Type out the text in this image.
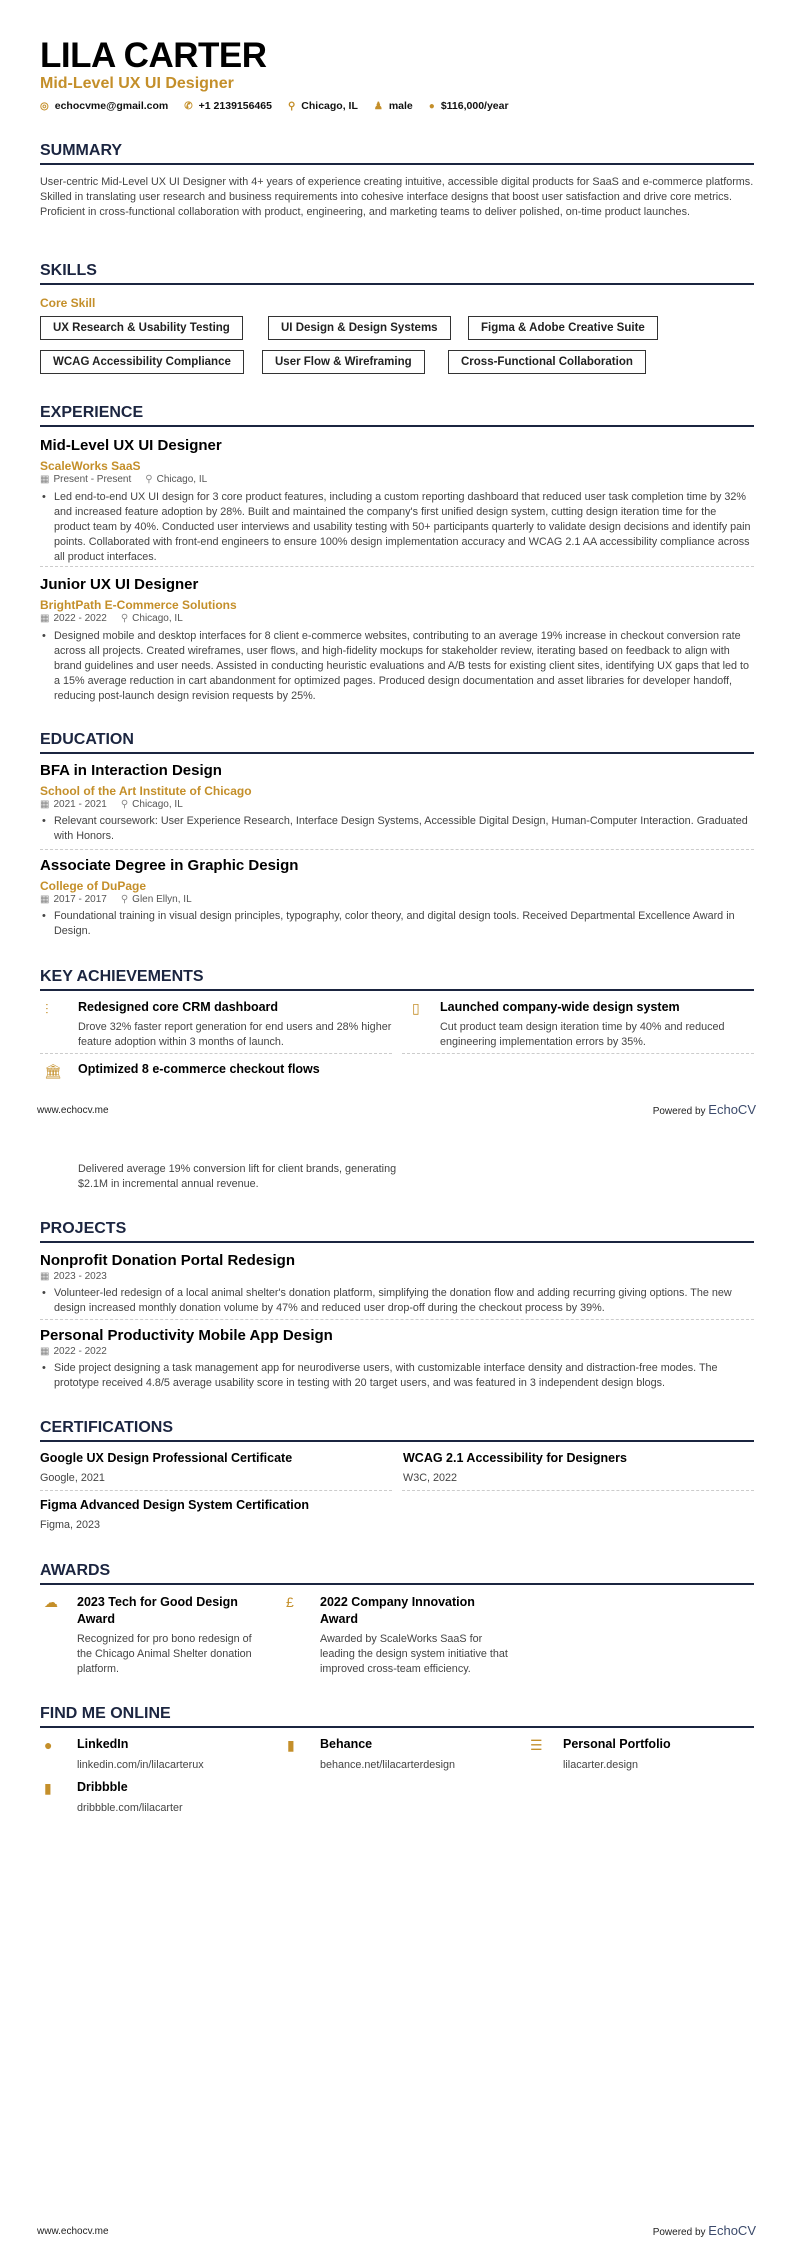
LILA CARTER
Mid-Level UX UI Designer
◎ echocvme@gmail.com ✆ +1 2139156465 ⚲ Chicago, IL ♟ male ● $116,000/year
SUMMARY
User-centric Mid-Level UX UI Designer with 4+ years of experience creating intuitive, accessible digital products for SaaS and e-commerce platforms. Skilled in translating user research and business requirements into cohesive interface designs that boost user satisfaction and drive core metrics. Proficient in cross-functional collaboration with product, engineering, and marketing teams to deliver polished, on-time product launches.
SKILLS
Core Skill
UX Research & Usability Testing	UI Design & Design Systems	Figma & Adobe Creative Suite
WCAG Accessibility Compliance	User Flow & Wireframing	Cross-Functional Collaboration
EXPERIENCE
Mid-Level UX UI Designer
ScaleWorks SaaS
▦ Present - Present ⚲ Chicago, IL
• Led end-to-end UX UI design for 3 core product features, including a custom reporting dashboard that reduced user task completion time by 32% and increased feature adoption by 28%. Built and maintained the company's first unified design system, cutting design iteration time for the product team by 40%. Conducted user interviews and usability testing with 50+ participants quarterly to validate design decisions and identify pain points. Collaborated with front-end engineers to ensure 100% design implementation accuracy and WCAG 2.1 AA accessibility compliance across all product interfaces.
Junior UX UI Designer
BrightPath E-Commerce Solutions
▦ 2022 - 2022 ⚲ Chicago, IL
• Designed mobile and desktop interfaces for 8 client e-commerce websites, contributing to an average 19% increase in checkout conversion rate across all projects. Created wireframes, user flows, and high-fidelity mockups for stakeholder review, iterating based on feedback to align with brand guidelines and user needs. Assisted in conducting heuristic evaluations and A/B tests for existing client sites, identifying UX gaps that led to a 15% average reduction in cart abandonment for optimized pages. Produced design documentation and asset libraries for developer handoff, reducing post-launch design revision requests by 25%.
EDUCATION
BFA in Interaction Design
School of the Art Institute of Chicago
▦ 2021 - 2021 ⚲ Chicago, IL
• Relevant coursework: User Experience Research, Interface Design Systems, Accessible Digital Design, Human-Computer Interaction. Graduated with Honors.
Associate Degree in Graphic Design
College of DuPage
▦ 2017 - 2017 ⚲ Glen Ellyn, IL
• Foundational training in visual design principles, typography, color theory, and digital design tools. Received Departmental Excellence Award in Design.
KEY ACHIEVEMENTS
⫶ Redesigned core CRM dashboard
Drove 32% faster report generation for end users and 28% higher feature adoption within 3 months of launch.
▯ Launched company-wide design system
Cut product team design iteration time by 40% and reduced engineering implementation errors by 35%.
🏛 Optimized 8 e-commerce checkout flows
www.echocv.me	Powered by EchoCV
Delivered average 19% conversion lift for client brands, generating $2.1M in incremental annual revenue.
PROJECTS
Nonprofit Donation Portal Redesign
▦ 2023 - 2023
• Volunteer-led redesign of a local animal shelter's donation platform, simplifying the donation flow and adding recurring giving options. The new design increased monthly donation volume by 47% and reduced user drop-off during the checkout process by 39%.
Personal Productivity Mobile App Design
▦ 2022 - 2022
• Side project designing a task management app for neurodiverse users, with customizable interface density and distraction-free modes. The prototype received 4.8/5 average usability score in testing with 20 target users, and was featured in 3 independent design blogs.
CERTIFICATIONS
Google UX Design Professional Certificate
Google, 2021
WCAG 2.1 Accessibility for Designers
W3C, 2022
Figma Advanced Design System Certification
Figma, 2023
AWARDS
☁ 2023 Tech for Good Design Award
Recognized for pro bono redesign of the Chicago Animal Shelter donation platform.
£ 2022 Company Innovation Award
Awarded by ScaleWorks SaaS for leading the design system initiative that improved cross-team efficiency.
FIND ME ONLINE
● LinkedIn
linkedin.com/in/lilacarterux
▮ Behance
behance.net/lilacarterdesign
☰ Personal Portfolio
lilacarter.design
▮ Dribbble
dribbble.com/lilacarter
www.echocv.me	Powered by EchoCV
